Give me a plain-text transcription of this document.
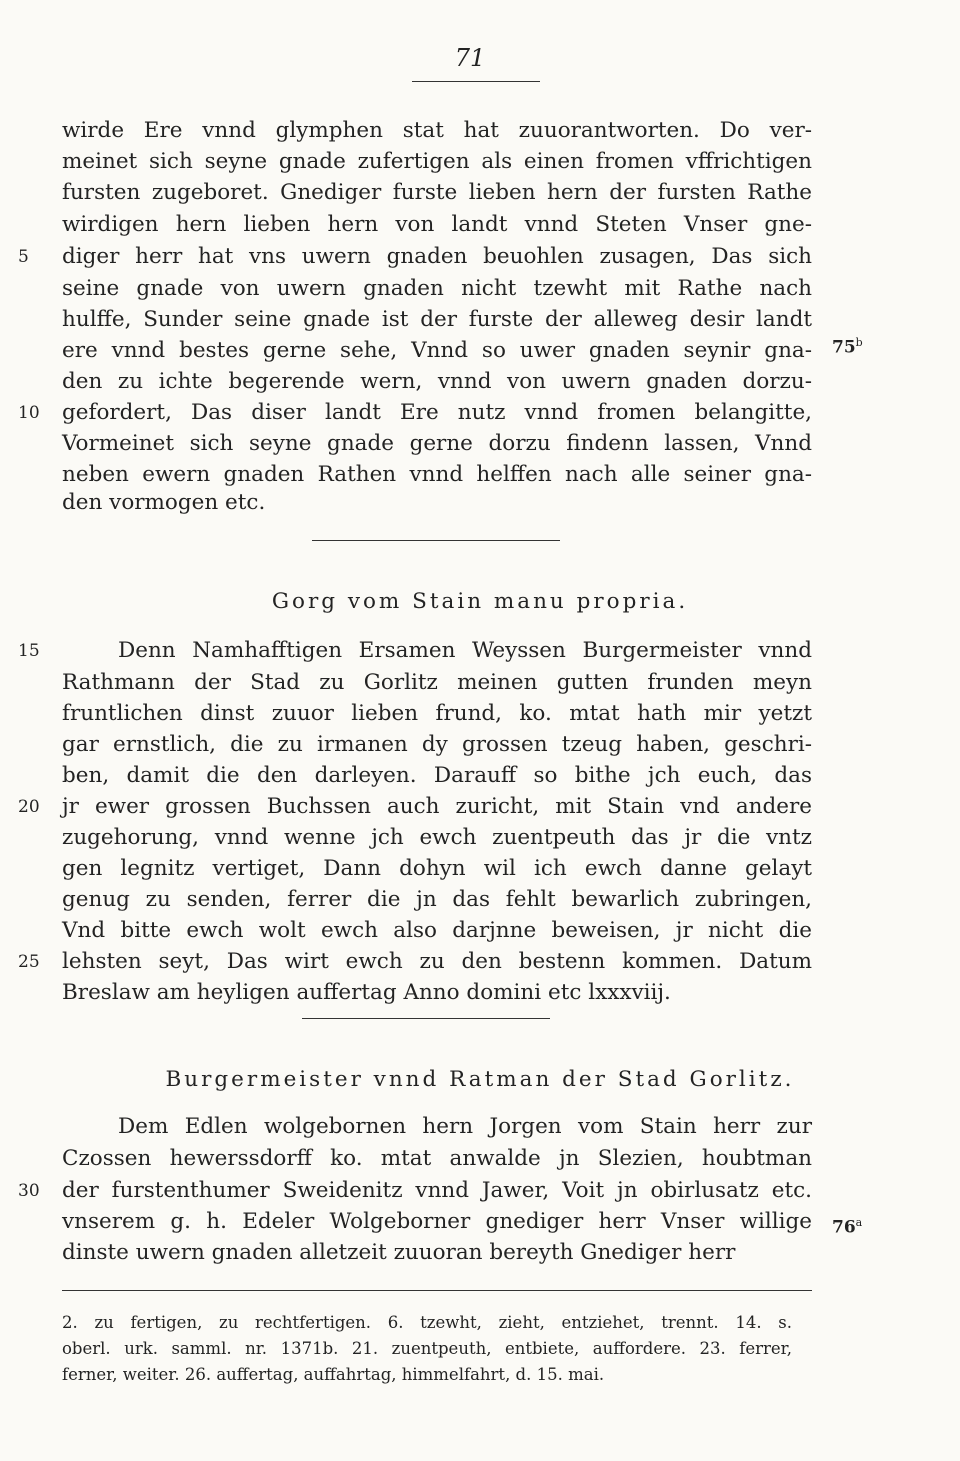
71
wirde Ere vnnd glymphen stat hat zuuorantworten. Do ver-
meinet sich seyne gnade zufertigen als einen fromen vffrichtigen
fursten zugeboret. Gnediger furste lieben hern der fursten Rathe
wirdigen hern lieben hern von landt vnnd Steten Vnser gne-
5	diger herr hat vns uwern gnaden beuohlen zusagen, Das sich
seine gnade von uwern gnaden nicht tzewht mit Rathe nach
hulffe, Sunder seine gnade ist der furste der alleweg desir landt
ere vnnd bestes gerne sehe, Vnnd so uwer gnaden seynir gna- 75$^b$
den zu ichte begerende wern, vnnd von uwern gnaden dorzu-
10	gefordert, Das diser landt Ere nutz vnnd fromen belangitte,
Vormeinet sich seyne gnade gerne dorzu findenn lassen, Vnnd
neben ewern gnaden Rathen vnnd helffen nach alle seiner gna-
den vormogen etc.
Gorg vom Stain manu propria.
15	Denn Namhafftigen Ersamen Weyssen Burgermeister vnnd
Rathmann der Stad zu Gorlitz meinen gutten frunden meyn
fruntlichen dinst zuuor lieben frund, ko. mtat hath mir yetzt
gar ernstlich, die zu irmanen dy grossen tzeug haben, geschri-
ben, damit die den darleyen. Darauff so bithe jch euch, das
20	jr ewer grossen Buchssen auch zuricht, mit Stain vnd andere
zugehorung, vnnd wenne jch ewch zuentpeuth das jr die vntz
gen legnitz vertiget, Dann dohyn wil ich ewch danne gelayt
genug zu senden, ferrer die jn das fehlt bewarlich zubringen,
Vnd bitte ewch wolt ewch also darjnne beweisen, jr nicht die
25	lehsten seyt, Das wirt ewch zu den bestenn kommen. Datum
Breslaw am heyligen auffertag Anno domini etc lxxxviij.
Burgermeister vnnd Ratman der Stad Gorlitz.
Dem Edlen wolgebornen hern Jorgen vom Stain herr zur
Czossen hewerssdorff ko. mtat anwalde jn Slezien, houbtman
30	der furstenthumer Sweidenitz vnnd Jawer, Voit jn obirlusatz etc.
vnserem g. h. Edeler Wolgeborner gnediger herr Vnser willige 76$^a$
dinste uwern gnaden alletzeit zuuoran bereyth Gnediger herr
2. zu fertigen, zu rechtfertigen. 6. tzewht, zieht, entziehet, trennt. 14. s.
oberl. urk. samml. nr. 1371b. 21. zuentpeuth, entbiete, auffordere. 23. ferrer,
ferner, weiter. 26. auffertag, auffahrtag, himmelfahrt, d. 15. mai.
